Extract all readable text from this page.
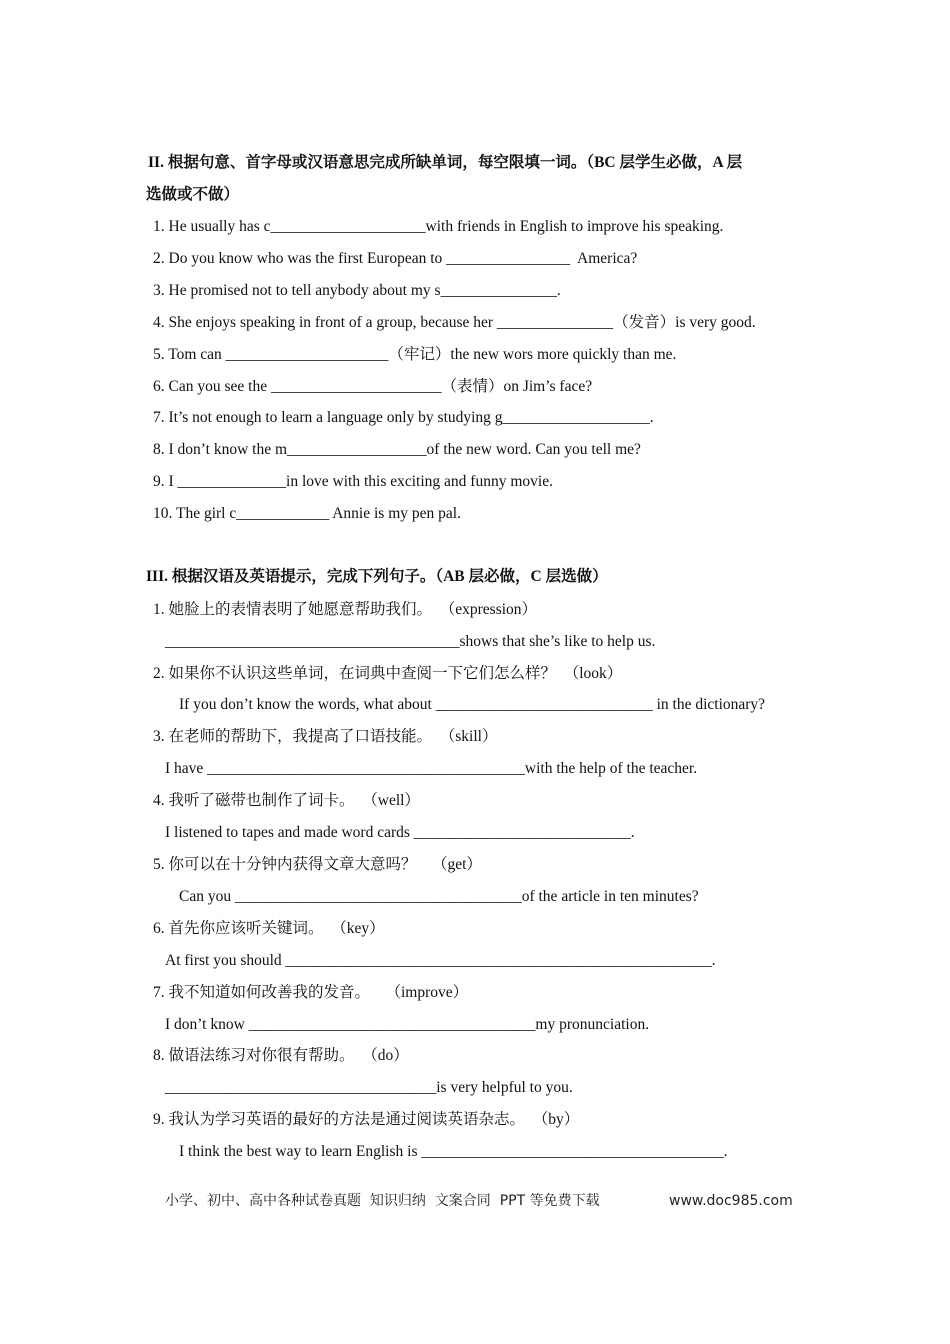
II. 根据句意、首字母或汉语意思完成所缺单词，每空限填一词。（BC 层学生必做，A 层
选做或不做）
1. He usually has c____________________with friends in English to improve his speaking.
2. Do you know who was the first European to ________________  America?
3. He promised not to tell anybody about my s_______________.
4. She enjoys speaking in front of a group, because her _______________（发音）is very good.
5. Tom can _____________________（牢记）the new wors more quickly than me.
6. Can you see the ______________________（表情）on Jim’s face?
7. It’s not enough to learn a language only by studying g___________________.
8. I don’t know the m__________________of the new word. Can you tell me?
9. I ______________in love with this exciting and funny movie.
10. The girl c____________ Annie is my pen pal.
III. 根据汉语及英语提示，完成下列句子。（AB 层必做，C 层选做）
1. 她脸上的表情表明了她愿意帮助我们。  （expression）
______________________________________shows that she’s like to help us.
2. 如果你不认识这些单词，在词典中查阅一下它们怎么样？  （look）
If you don’t know the words, what about ____________________________ in the dictionary?
3. 在老师的帮助下，我提高了口语技能。  （skill）
I have _________________________________________with the help of the teacher.
4. 我听了磁带也制作了词卡。  （well）
I listened to tapes and made word cards ____________________________.
5. 你可以在十分钟内获得文章大意吗？    （get）
Can you _____________________________________of the article in ten minutes?
6. 首先你应该听关键词。  （key）
At first you should _______________________________________________________.
7. 我不知道如何改善我的发音。    （improve）
I don’t know _____________________________________my pronunciation.
8. 做语法练习对你很有帮助。  （do）
___________________________________is very helpful to you.
9. 我认为学习英语的最好的方法是通过阅读英语杂志。  （by）
I think the best way to learn English is _______________________________________.
小学、初中、高中各种试卷真题  知识归纳  文案合同  PPT 等免费下载	www.doc985.com
